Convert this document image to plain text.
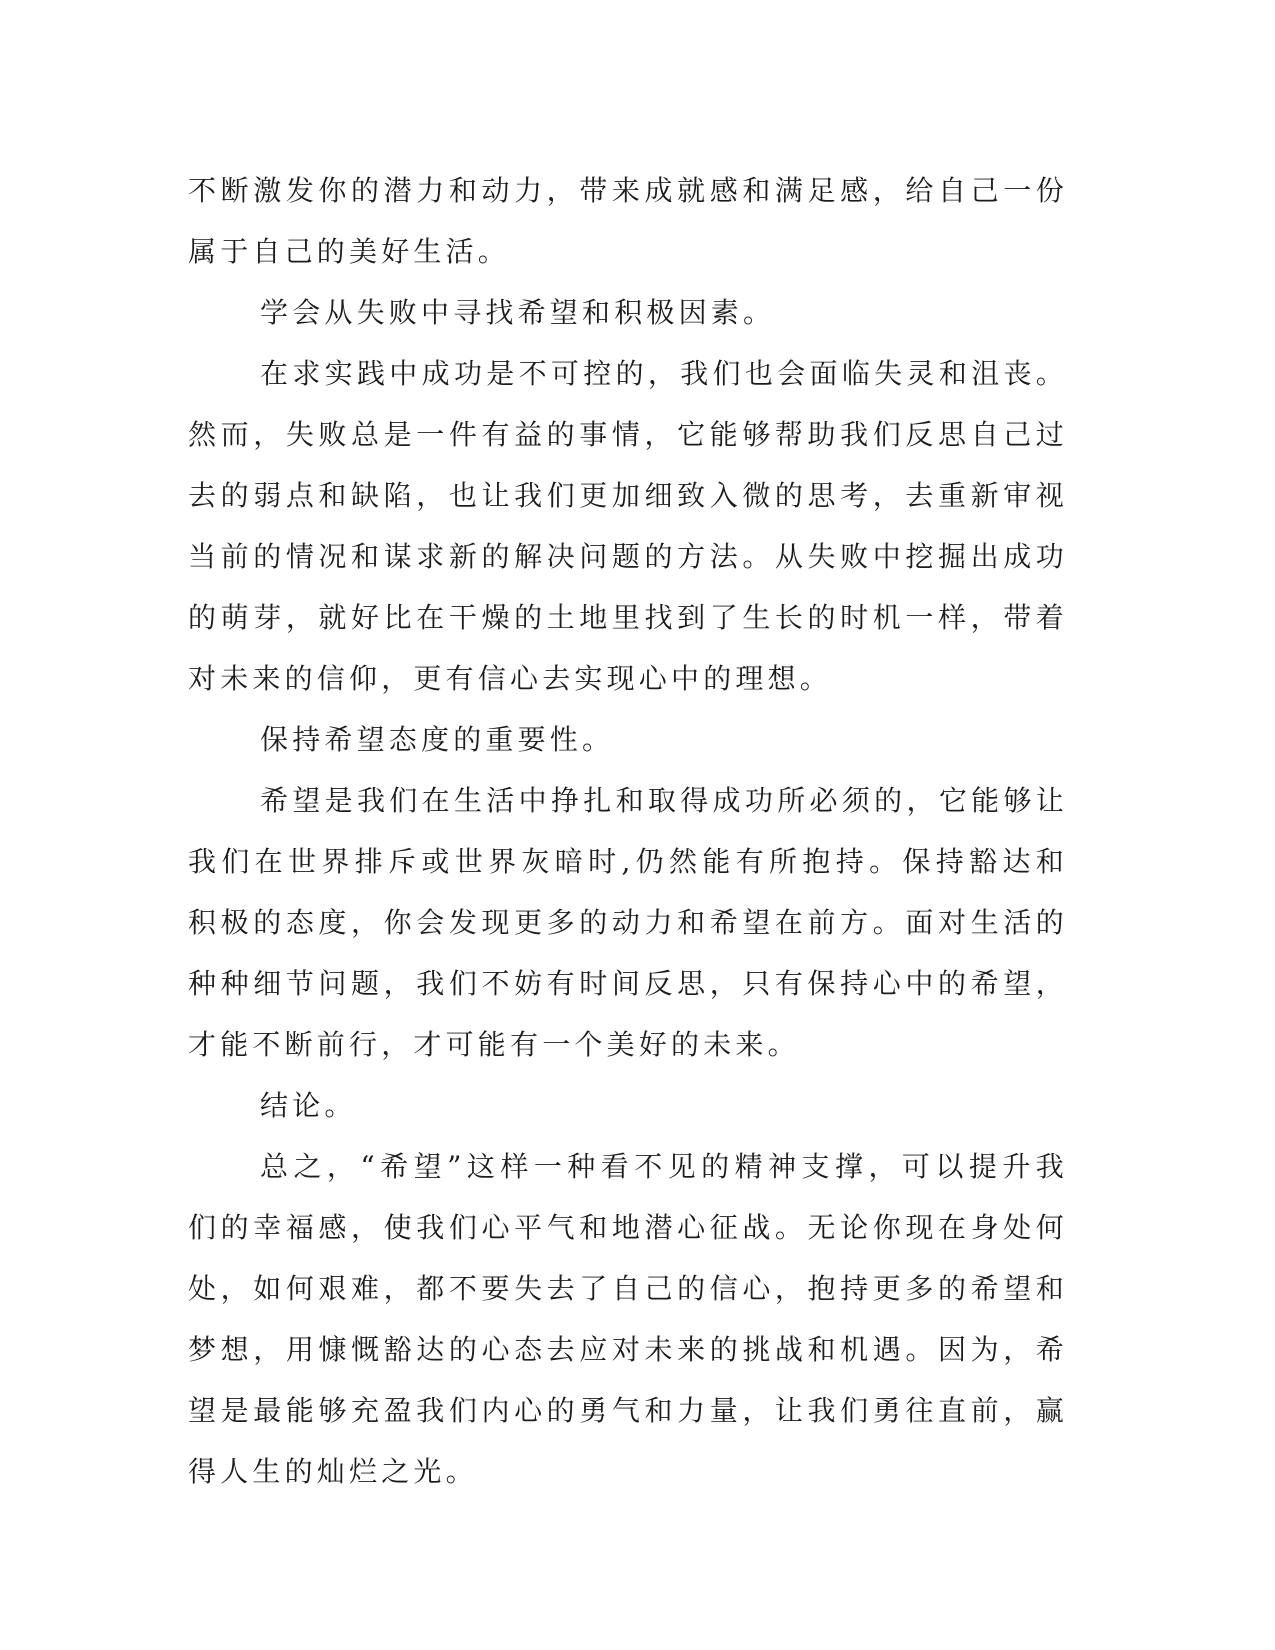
不断激发你的潜力和动力，带来成就感和满足感，给自己一份属于自己的美好生活。

学会从失败中寻找希望和积极因素。

在求实践中成功是不可控的，我们也会面临失灵和沮丧。然而，失败总是一件有益的事情，它能够帮助我们反思自己过去的弱点和缺陷，也让我们更加细致入微的思考，去重新审视当前的情况和谋求新的解决问题的方法。从失败中挖掘出成功的萌芽，就好比在干燥的土地里找到了生长的时机一样，带着对未来的信仰，更有信心去实现心中的理想。

保持希望态度的重要性。

希望是我们在生活中挣扎和取得成功所必须的，它能够让我们在世界排斥或世界灰暗时,仍然能有所抱持。保持豁达和积极的态度，你会发现更多的动力和希望在前方。面对生活的种种细节问题，我们不妨有时间反思，只有保持心中的希望，才能不断前行，才可能有一个美好的未来。

结论。

总之，“希望”这样一种看不见的精神支撑，可以提升我们的幸福感，使我们心平气和地潜心征战。无论你现在身处何处，如何艰难，都不要失去了自己的信心，抱持更多的希望和梦想，用慷慨豁达的心态去应对未来的挑战和机遇。因为，希望是最能够充盈我们内心的勇气和力量，让我们勇往直前，赢得人生的灿烂之光。
